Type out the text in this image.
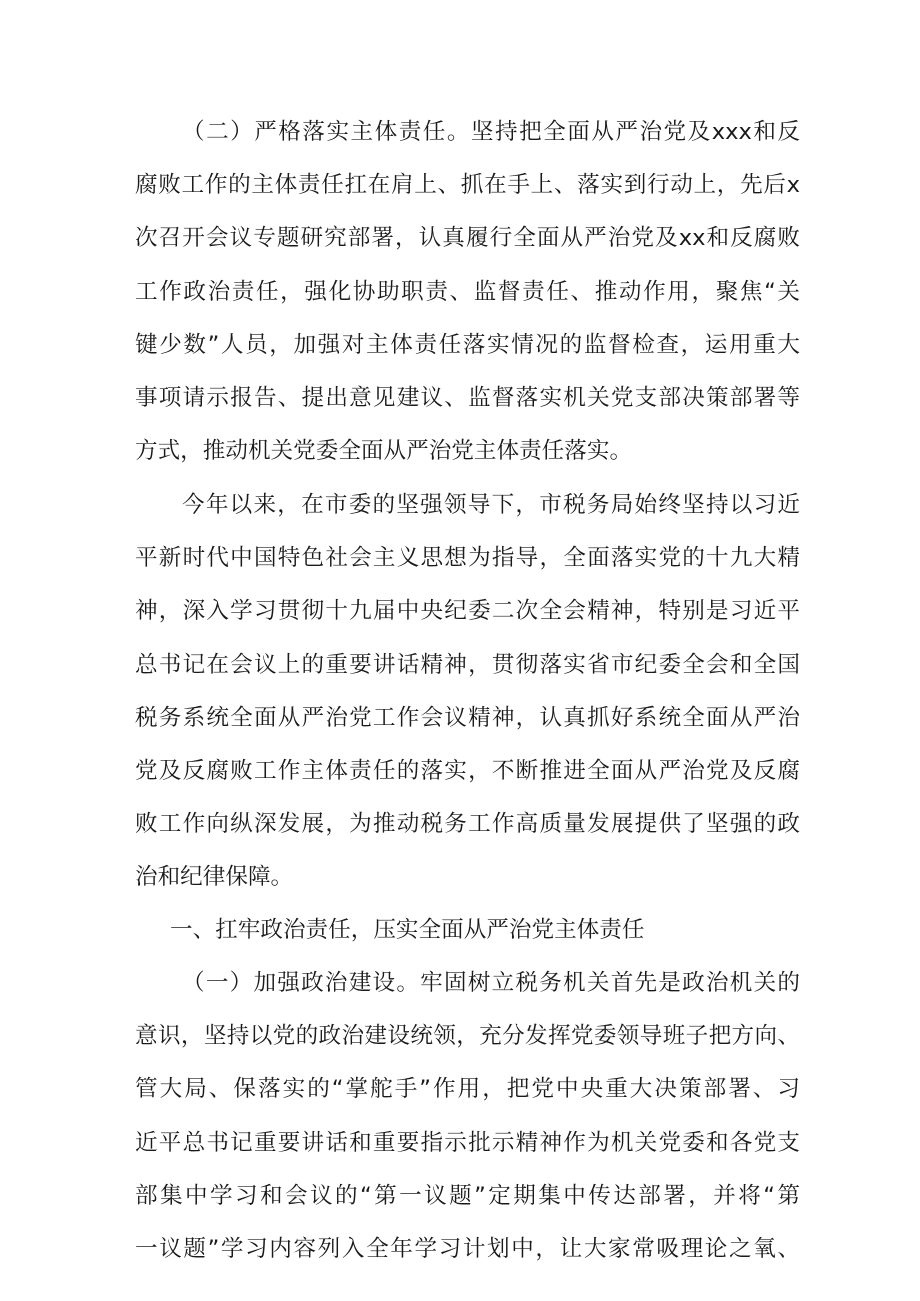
（二）严格落实主体责任。坚持把全面从严治党及xxx和反
腐败工作的主体责任扛在肩上、抓在手上、落实到行动上，先后x
次召开会议专题研究部署，认真履行全面从严治党及xx和反腐败
工作政治责任，强化协助职责、监督责任、推动作用，聚焦“关
键少数”人员，加强对主体责任落实情况的监督检查，运用重大
事项请示报告、提出意见建议、监督落实机关党支部决策部署等
方式，推动机关党委全面从严治党主体责任落实。
今年以来，在市委的坚强领导下，市税务局始终坚持以习近
平新时代中国特色社会主义思想为指导，全面落实党的十九大精
神，深入学习贯彻十九届中央纪委二次全会精神，特别是习近平
总书记在会议上的重要讲话精神，贯彻落实省市纪委全会和全国
税务系统全面从严治党工作会议精神，认真抓好系统全面从严治
党及反腐败工作主体责任的落实，不断推进全面从严治党及反腐
败工作向纵深发展，为推动税务工作高质量发展提供了坚强的政
治和纪律保障。
一、扛牢政治责任，压实全面从严治党主体责任
（一）加强政治建设。牢固树立税务机关首先是政治机关的
意识，坚持以党的政治建设统领，充分发挥党委领导班子把方向、
管大局、保落实的“掌舵手”作用，把党中央重大决策部署、习
近平总书记重要讲话和重要指示批示精神作为机关党委和各党支
部集中学习和会议的“第一议题”定期集中传达部署，并将“第
一议题”学习内容列入全年学习计划中，让大家常吸理论之氧、
